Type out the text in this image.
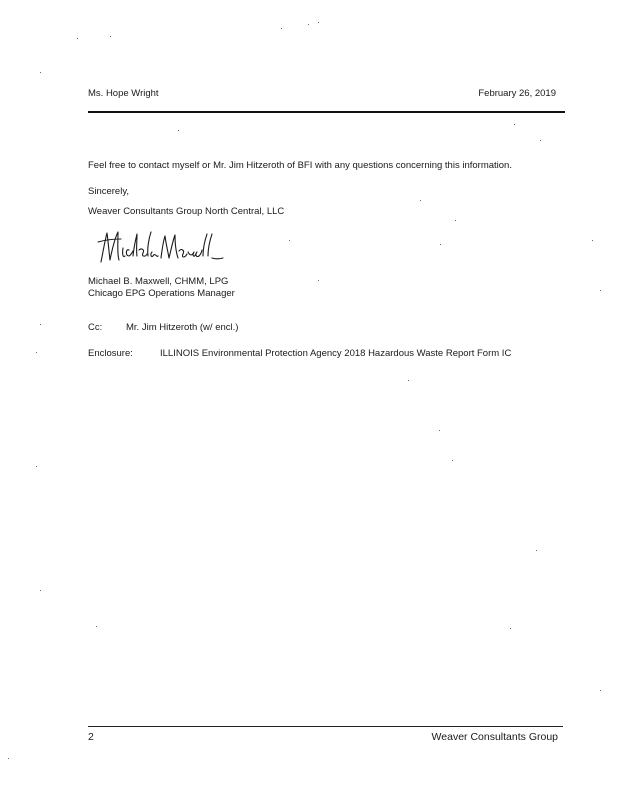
Ms. Hope Wright	February 26, 2019
Feel free to contact myself or Mr. Jim Hitzeroth of BFI with any questions concerning this information.
Sincerely,
Weaver Consultants Group North Central, LLC
Michael B. Maxwell, CHMM, LPG
Chicago EPG Operations Manager
Cc:	Mr. Jim Hitzeroth (w/ encl.)
Enclosure:	ILLINOIS Environmental Protection Agency 2018 Hazardous Waste Report Form IC
2	Weaver Consultants Group
